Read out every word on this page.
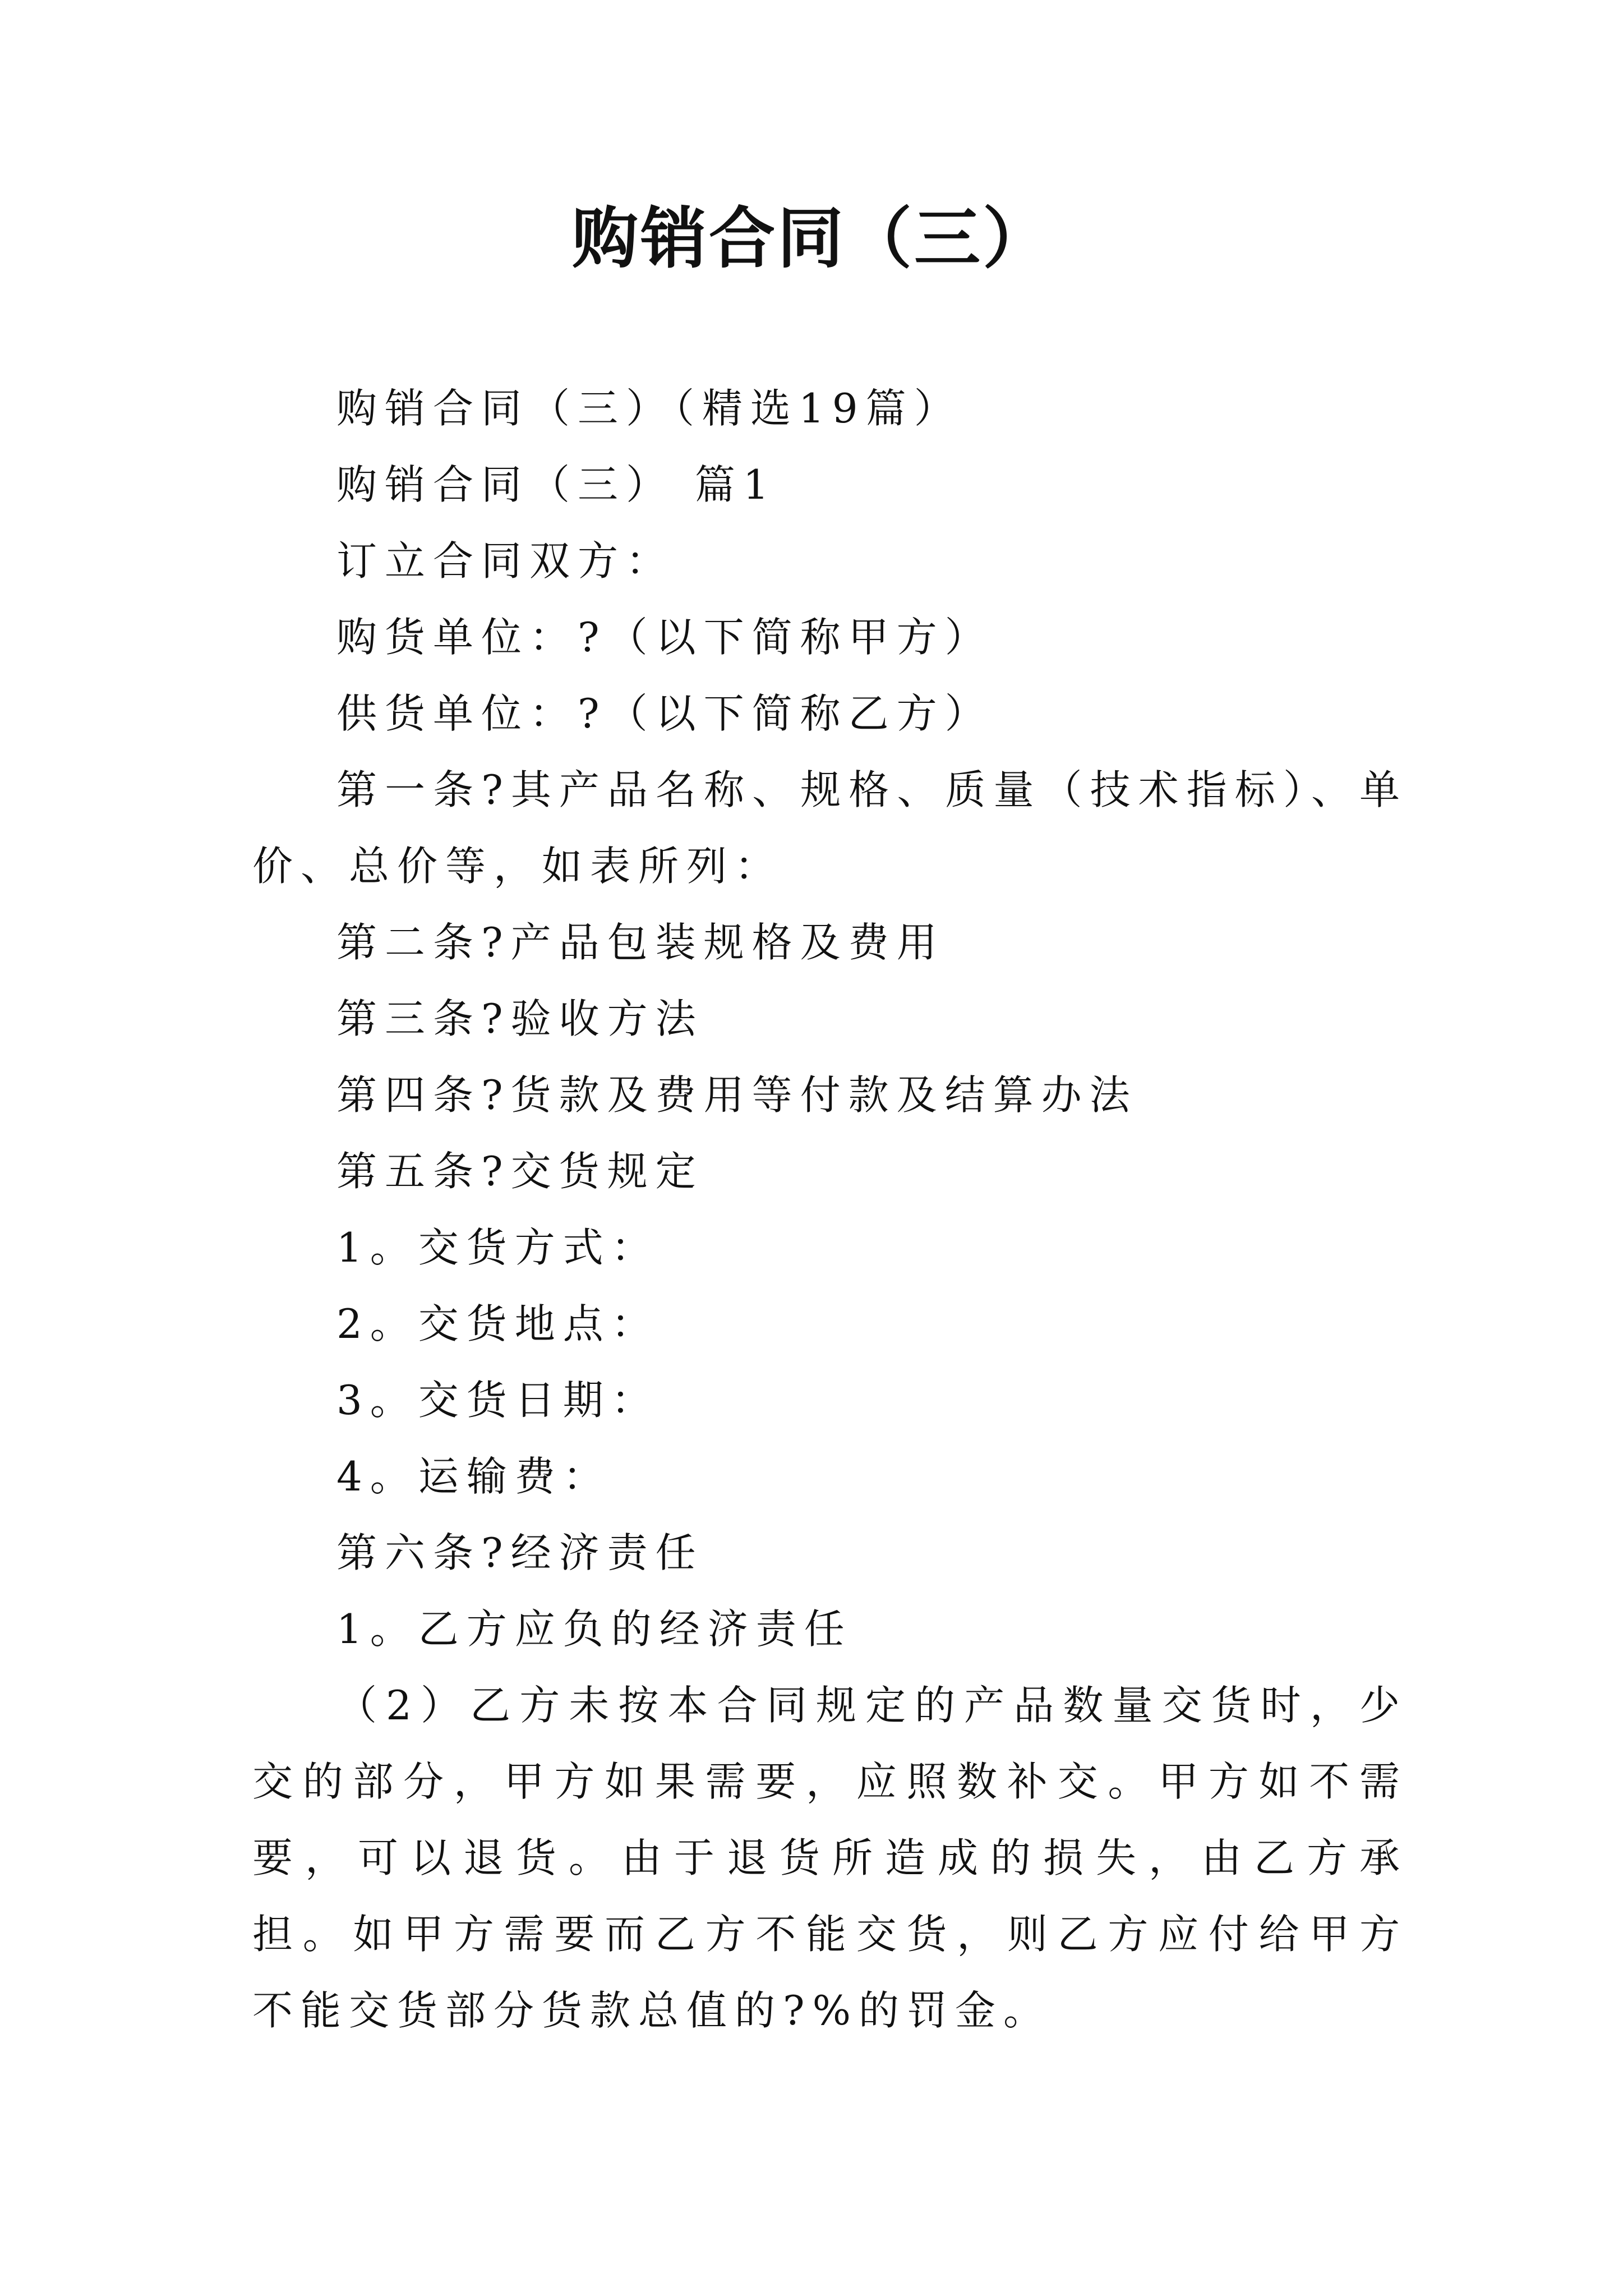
购销合同（三）

购销合同（三）（精选19篇）

购销合同（三） 篇1

订立合同双方：

购货单位：?（以下简称甲方）

供货单位：?（以下简称乙方）

第一条?其产品名称、规格、质量（技术指标）、单价、总价等，如表所列：

第二条?产品包装规格及费用

第三条?验收方法

第四条?货款及费用等付款及结算办法

第五条?交货规定

1。交货方式：

2。交货地点：

3。交货日期：

4。运输费：

第六条?经济责任

1。乙方应负的经济责任

（2）乙方未按本合同规定的产品数量交货时，少交的部分，甲方如果需要，应照数补交。甲方如不需要，可以退货。由于退货所造成的损失，由乙方承担。如甲方需要而乙方不能交货，则乙方应付给甲方不能交货部分货款总值的?%的罚金。
